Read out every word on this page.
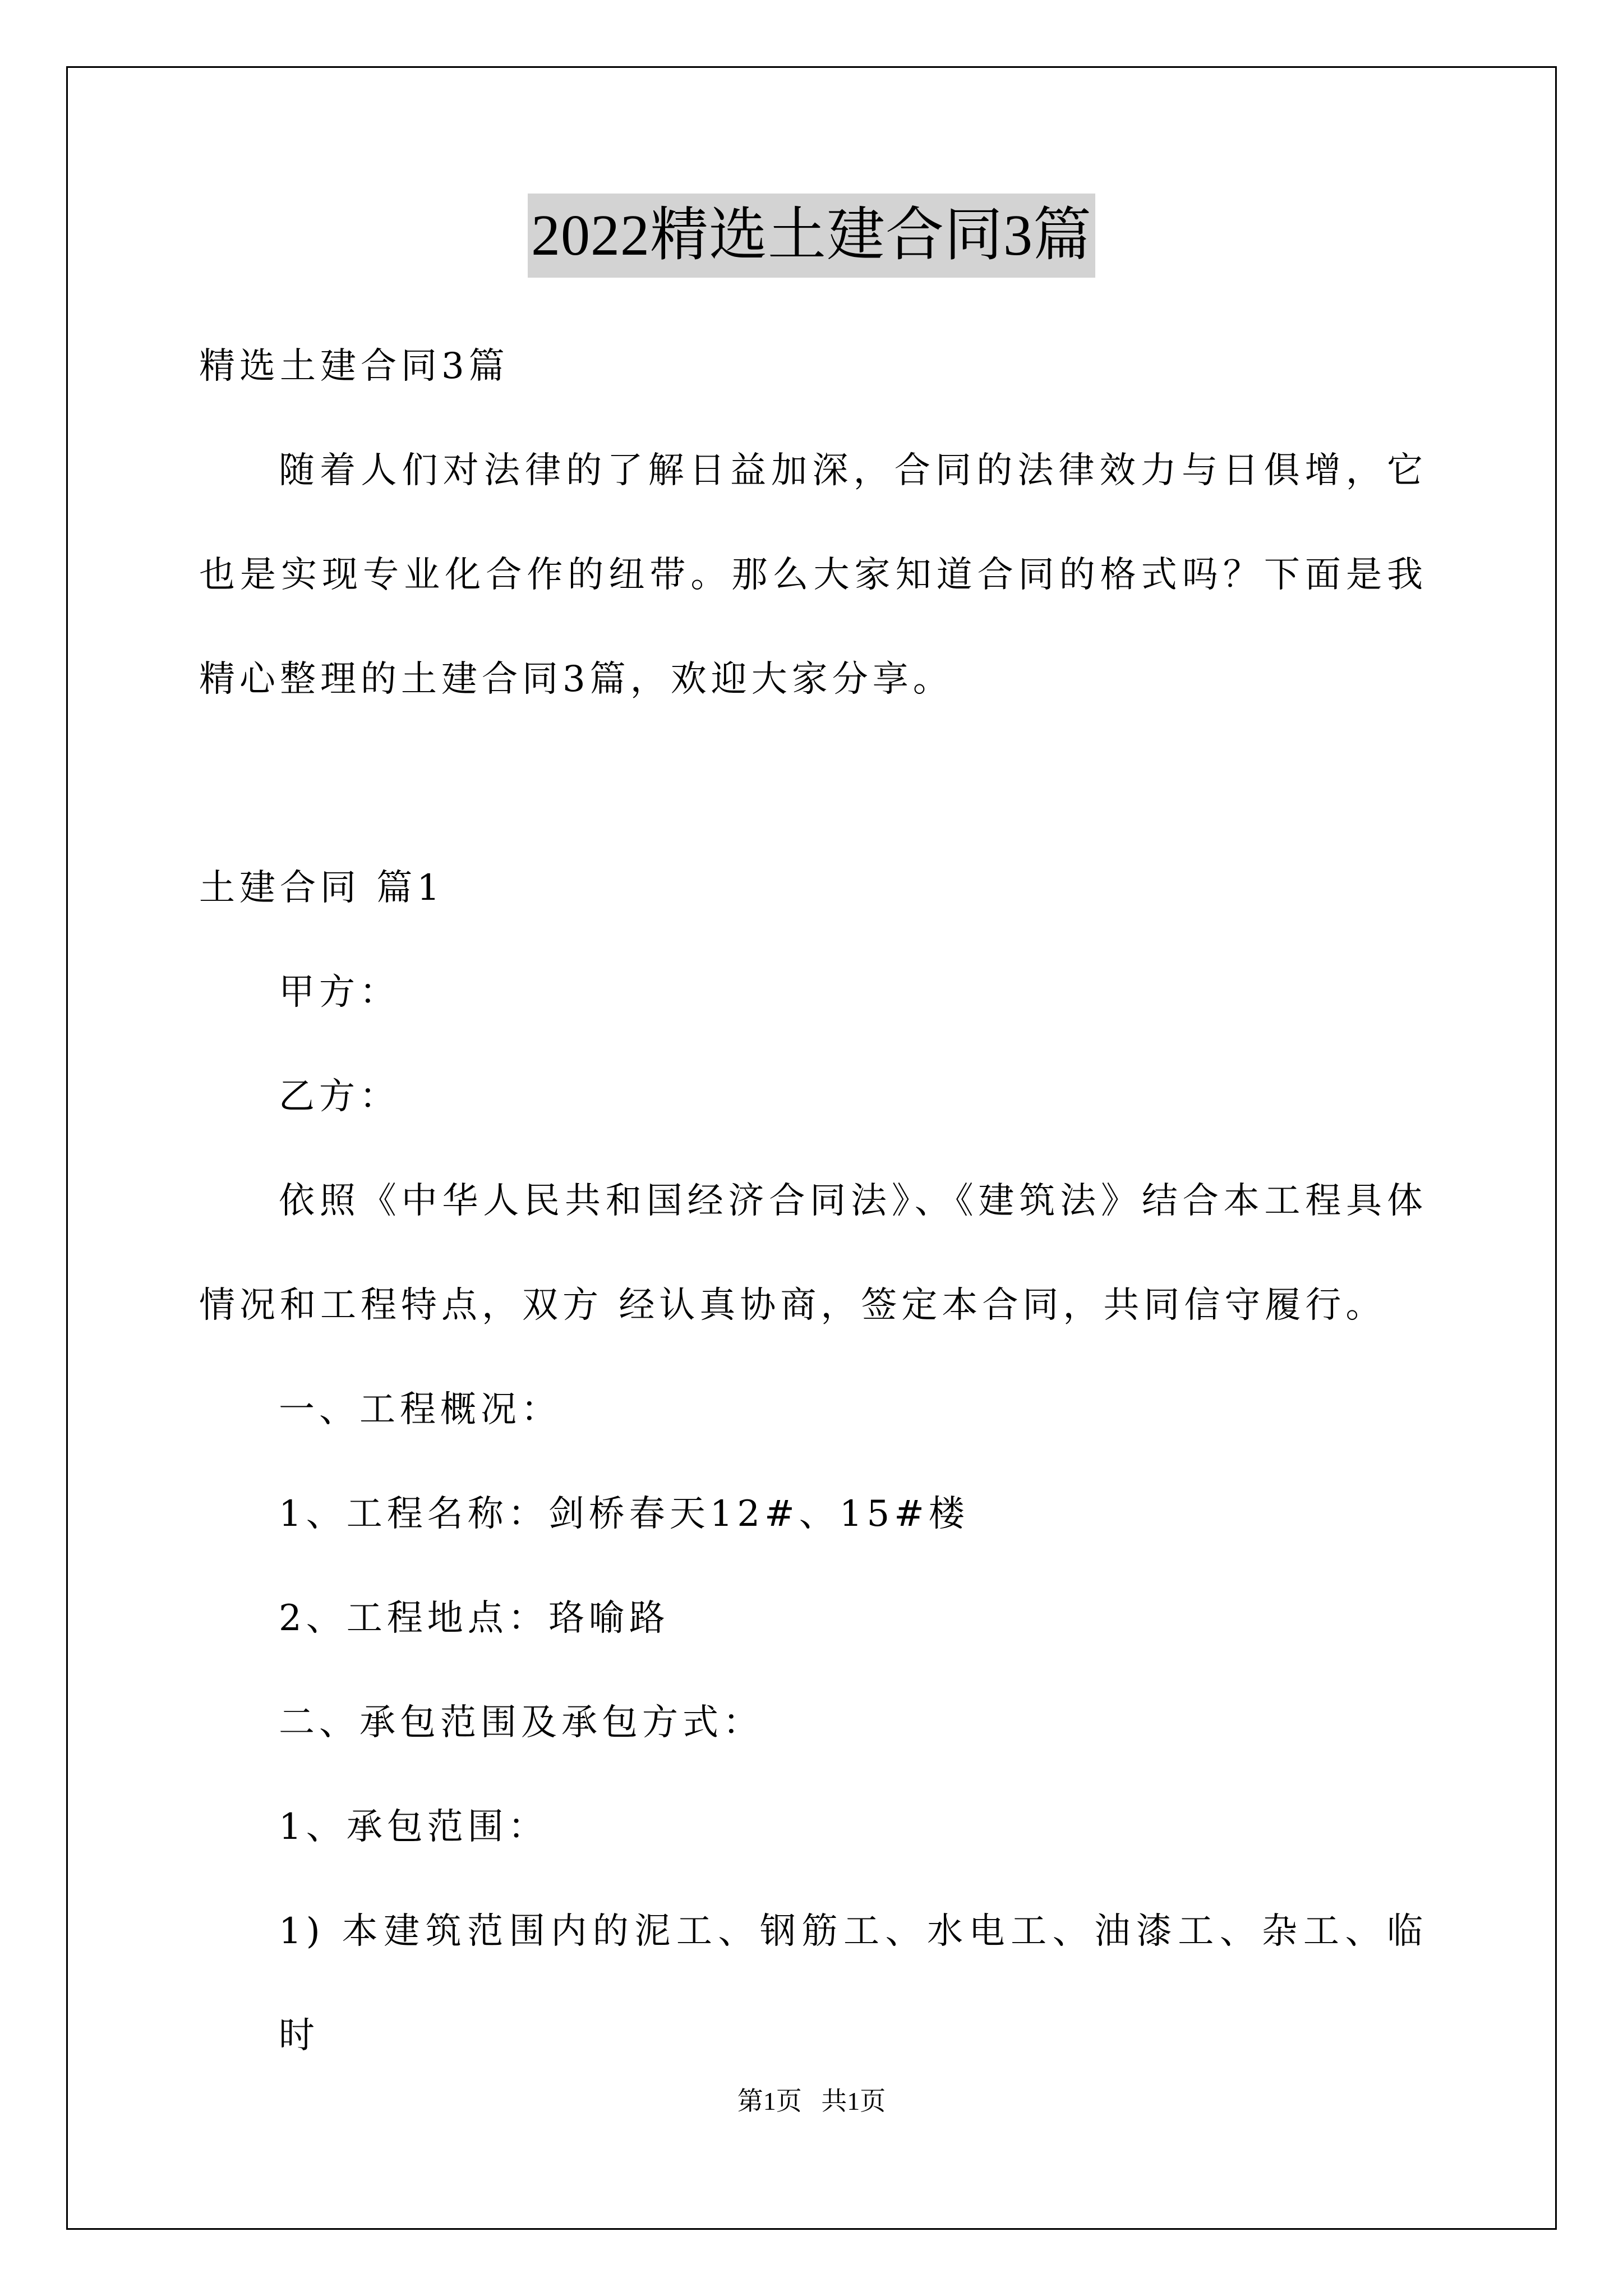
2022精选土建合同3篇

精选土建合同3篇

随着人们对法律的了解日益加深，合同的法律效力与日俱增，它

也是实现专业化合作的纽带。那么大家知道合同的格式吗？下面是我

精心整理的土建合同3篇，欢迎大家分享。

土建合同 篇1

甲方：

乙方：

依照《中华人民共和国经济合同法》、《建筑法》结合本工程具体

情况和工程特点，双方 经认真协商，签定本合同，共同信守履行。

一、工程概况：

1、工程名称：剑桥春天12#、15#楼

2、工程地点：珞喻路

二、承包范围及承包方式：

1、承包范围：

1) 本建筑范围内的泥工、钢筋工、水电工、油漆工、杂工、临时

第1页   共1页
